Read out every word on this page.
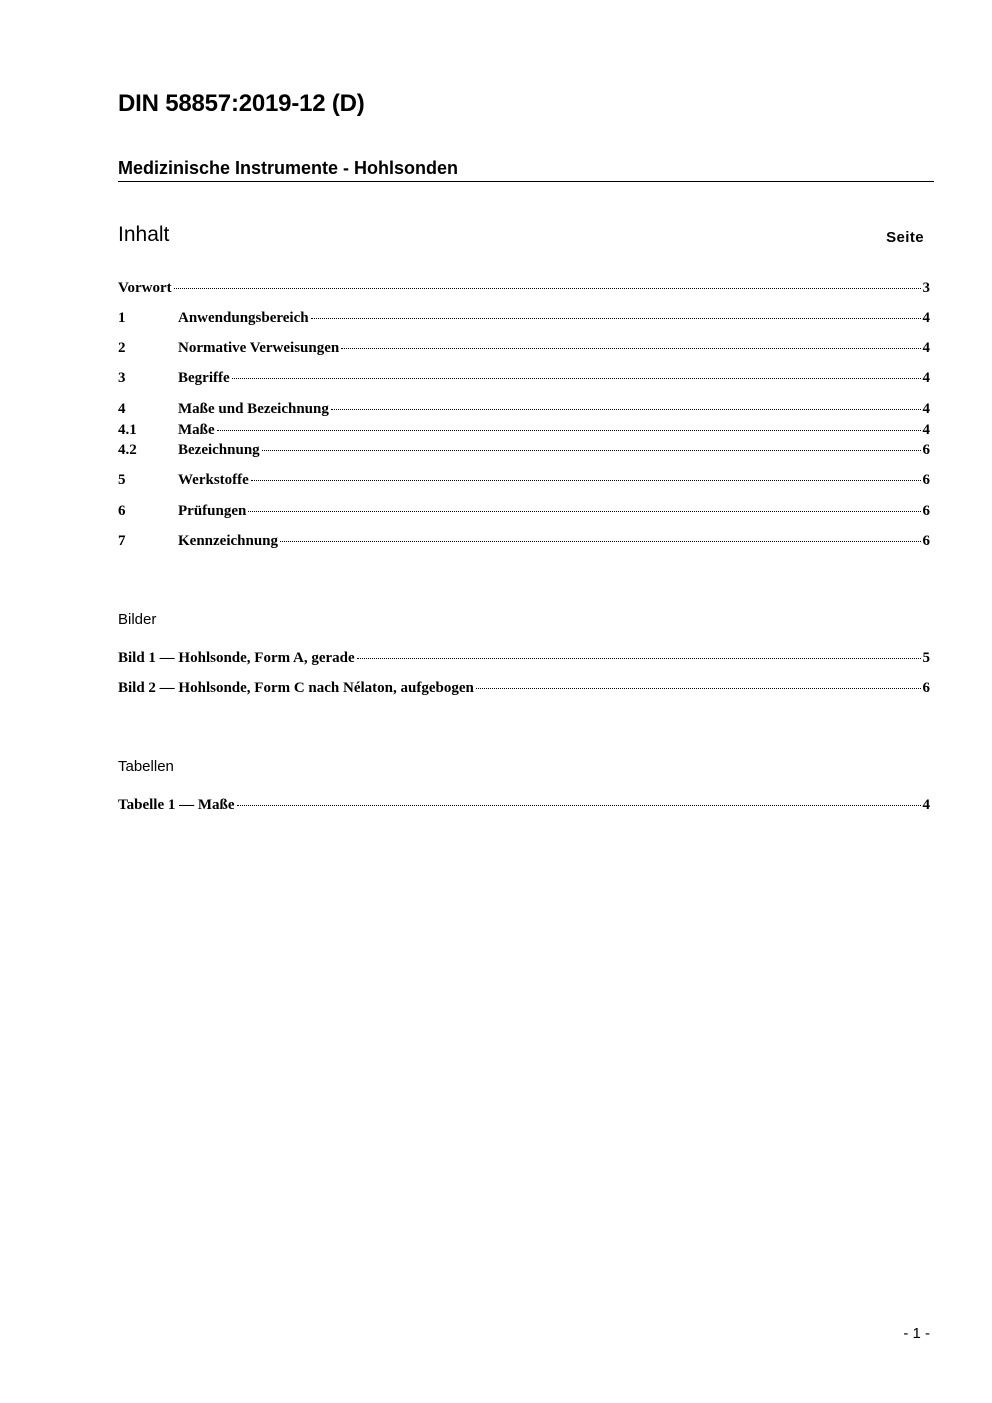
DIN 58857:2019-12 (D)
Medizinische Instrumente - Hohlsonden
Inhalt	Seite
Vorwort	3
1	Anwendungsbereich	4
2	Normative Verweisungen	4
3	Begriffe	4
4	Maße und Bezeichnung	4
4.1	Maße	4
4.2	Bezeichnung	6
5	Werkstoffe	6
6	Prüfungen	6
7	Kennzeichnung	6
Bild 1 — Hohlsonde, Form A, gerade	5
Bild 2 — Hohlsonde, Form C nach Nélaton, aufgebogen	6
Tabelle 1 — Maße	4
Bilder
Tabellen
- 1 -
